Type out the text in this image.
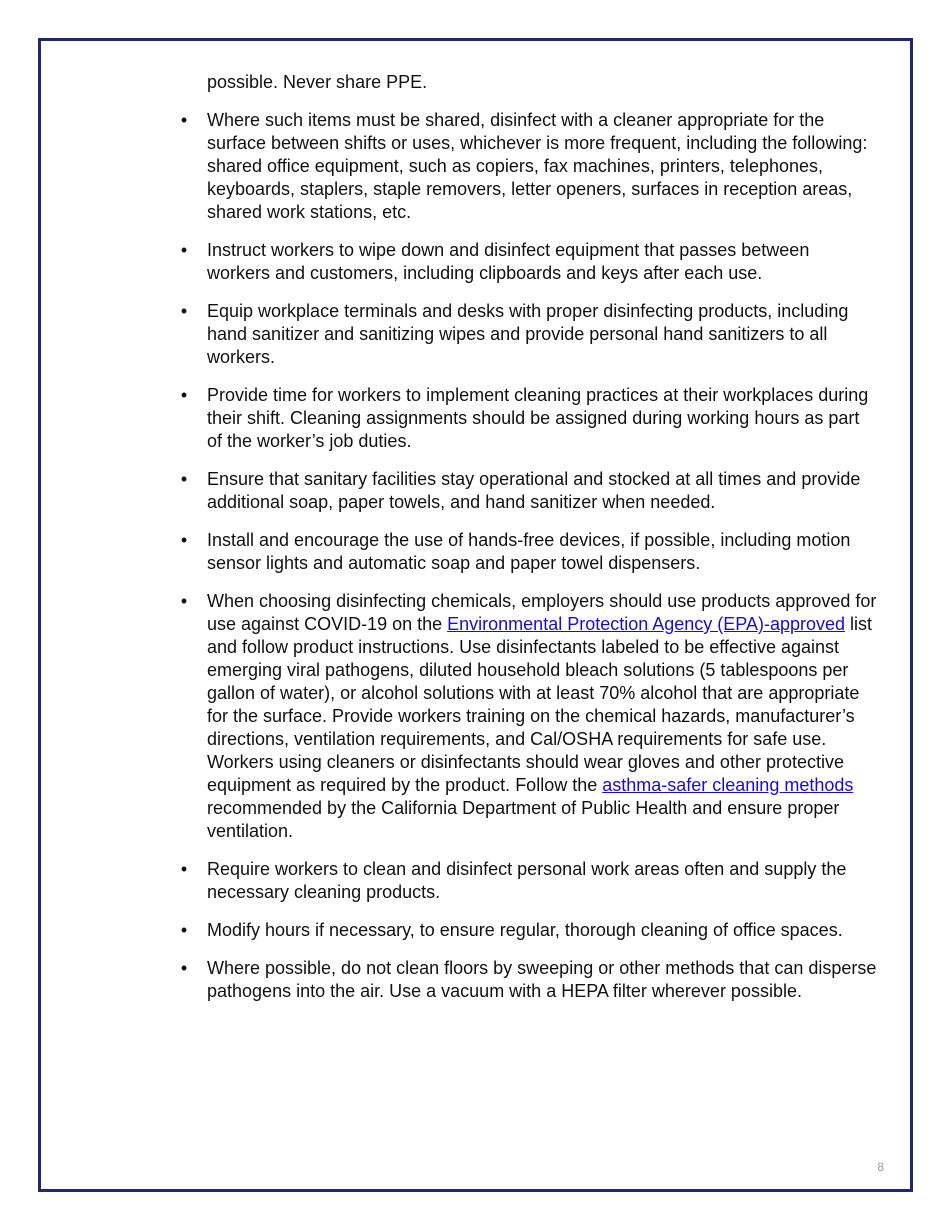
possible. Never share PPE.

• Where such items must be shared, disinfect with a cleaner appropriate for the surface between shifts or uses, whichever is more frequent, including the following: shared office equipment, such as copiers, fax machines, printers, telephones, keyboards, staplers, staple removers, letter openers, surfaces in reception areas, shared work stations, etc.
• Instruct workers to wipe down and disinfect equipment that passes between workers and customers, including clipboards and keys after each use.
• Equip workplace terminals and desks with proper disinfecting products, including hand sanitizer and sanitizing wipes and provide personal hand sanitizers to all workers.
• Provide time for workers to implement cleaning practices at their workplaces during their shift. Cleaning assignments should be assigned during working hours as part of the worker’s job duties.
• Ensure that sanitary facilities stay operational and stocked at all times and provide additional soap, paper towels, and hand sanitizer when needed.
• Install and encourage the use of hands-free devices, if possible, including motion sensor lights and automatic soap and paper towel dispensers.
• When choosing disinfecting chemicals, employers should use products approved for use against COVID-19 on the Environmental Protection Agency (EPA)-approved list and follow product instructions. Use disinfectants labeled to be effective against emerging viral pathogens, diluted household bleach solutions (5 tablespoons per gallon of water), or alcohol solutions with at least 70% alcohol that are appropriate for the surface. Provide workers training on the chemical hazards, manufacturer’s directions, ventilation requirements, and Cal/OSHA requirements for safe use. Workers using cleaners or disinfectants should wear gloves and other protective equipment as required by the product. Follow the asthma-safer cleaning methods recommended by the California Department of Public Health and ensure proper ventilation.
• Require workers to clean and disinfect personal work areas often and supply the necessary cleaning products.
• Modify hours if necessary, to ensure regular, thorough cleaning of office spaces.
• Where possible, do not clean floors by sweeping or other methods that can disperse pathogens into the air. Use a vacuum with a HEPA filter wherever possible.
8
